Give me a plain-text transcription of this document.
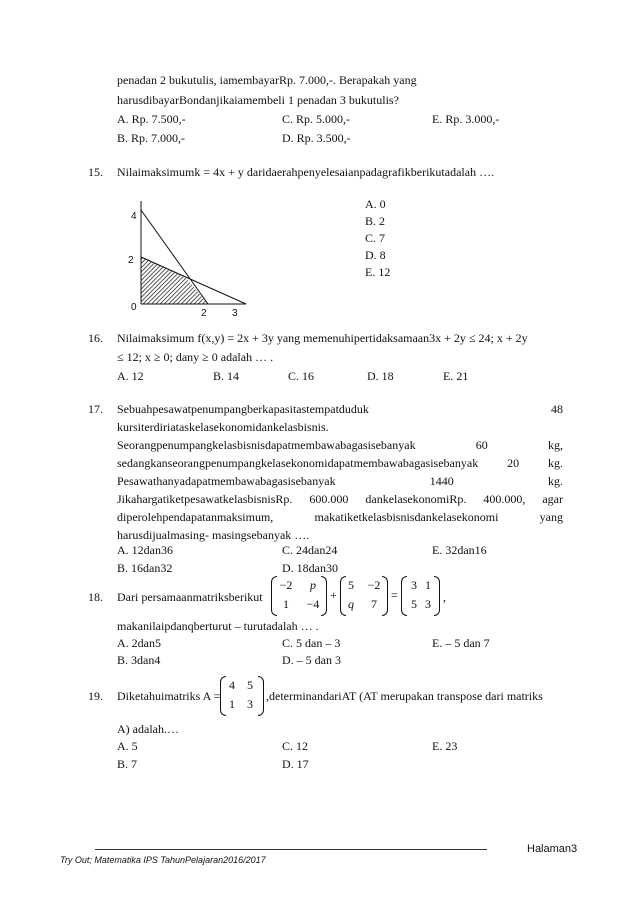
penadan 2 bukutulis, iamembayarRp. 7.000,-. Berapakah yang
harusdibayarBondanjikaiamembeli 1 penadan 3 bukutulis?
A. Rp. 7.500,-	C. Rp. 5.000,-	E. Rp. 3.000,-
B. Rp. 7.000,-	D. Rp. 3.500,-
15. Nilaimaksimumk = 4x + y daridaerahpenyelesaianpadagrafikberikutadalah ….
4
2
0
2	3
A. 0
B. 2
C. 7
D. 8
E. 12
16. Nilaimaksimum f(x,y) = 2x + 3y yang memenuhipertidaksamaan3x + 2y ≤ 24; x + 2y
≤ 12; x ≥ 0; dany ≥ 0 adalah … .
A. 12	B. 14	C. 16	D. 18	E. 21
17. Sebuahpesawatpenumpangberkapasitastempatduduk	48
kursiterdiriataskelasekonomidankelasbisnis.
Seorangpenumpangkelasbisnisdapatmembawabagasisebanyak	60	kg,
sedangkanseorangpenumpangkelasekonomidapatmembawabagasisebanyak 20 kg.
Pesawathanyadapatmembawabagasisebanyak	1440	kg.
JikahargatiketpesawatkelasbisnisRp. 600.000 dankelasekonomiRp. 400.000, agar
diperolehpendapatanmaksimum,	makatiketkelasbisnisdankelasekonomi	yang
harusdijualmasing- masingsebanyak ….
A. 12dan36	C. 24dan24	E. 32dan16
B. 16dan32	D. 18dan30
18. Dari persamaanmatriksberikut
−2	p
1	−4
+
5	−2
q	7
=
3 1
5 3	,
makanilaipdanqberturut – turutadalah … .
A. 2dan5	C. 5 dan – 3	E. – 5 dan 7
B. 3dan4	D. – 5 dan 3
19. Diketahuimatriks A =
4	5
1	3
,determinandariAT (AT merupakan transpose dari matriks
A) adalah.…
A. 5	C. 12	E. 23
B. 7	D. 17
Halaman3
Try Out; Matematika IPS TahunPelajaran2016/2017
